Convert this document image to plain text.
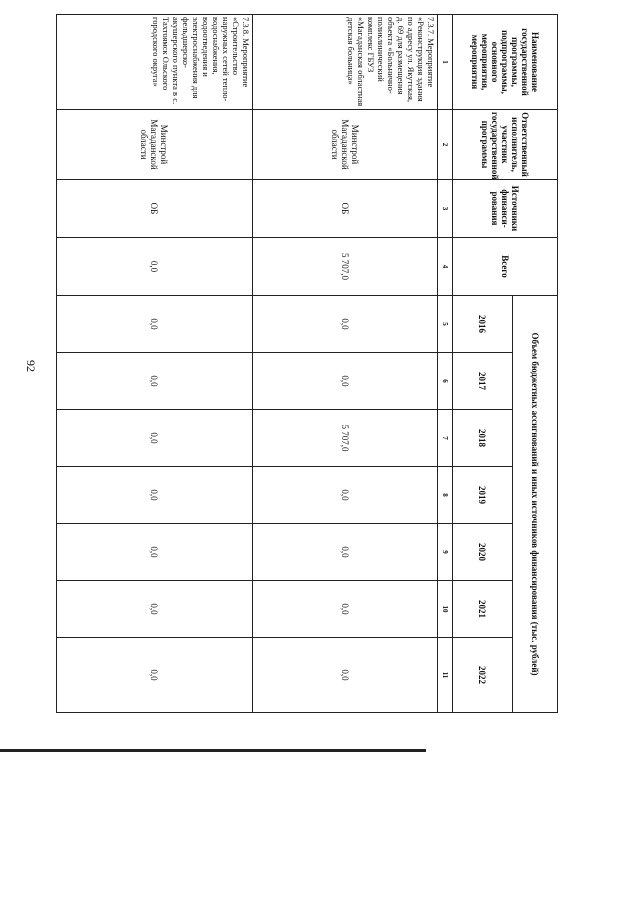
92
Наименование государственной программы, подпрограммы, основного мероприятия, мероприятия	Ответственный исполнитель, участник государственной программы	Источники финанси-рования	Всего	Объем бюджетных ассигнований и иных источников финансирования (тыс. рублей)						
				2016	2017	2018	2019	2020	2021	2022
1	2	3	4	5	6	7	8	9	10	11
7.3.7. Мероприятие «Реконструкция здания по адресу ул. Якутская, д. 69 для размещения объекта «Больнично-поликлинический комплекс ГБУЗ «Магаданская областная детская больница»	Минстрой Магаданской области	ОБ	5 707,0	0,0	0,0	5 707,0	0,0	0,0	0,0	0,0
7.3.8. Мероприятие «Строительство наружных сетей тепло-водоснабжения, водоотведения и электроснабжения для фельдшерско-акушерского пункта в с. Тахтоямск Ольского городского округа»	Минстрой Магаданской области	ОБ	0,0	0,0	0,0	0,0	0,0	0,0	0,0	0,0
